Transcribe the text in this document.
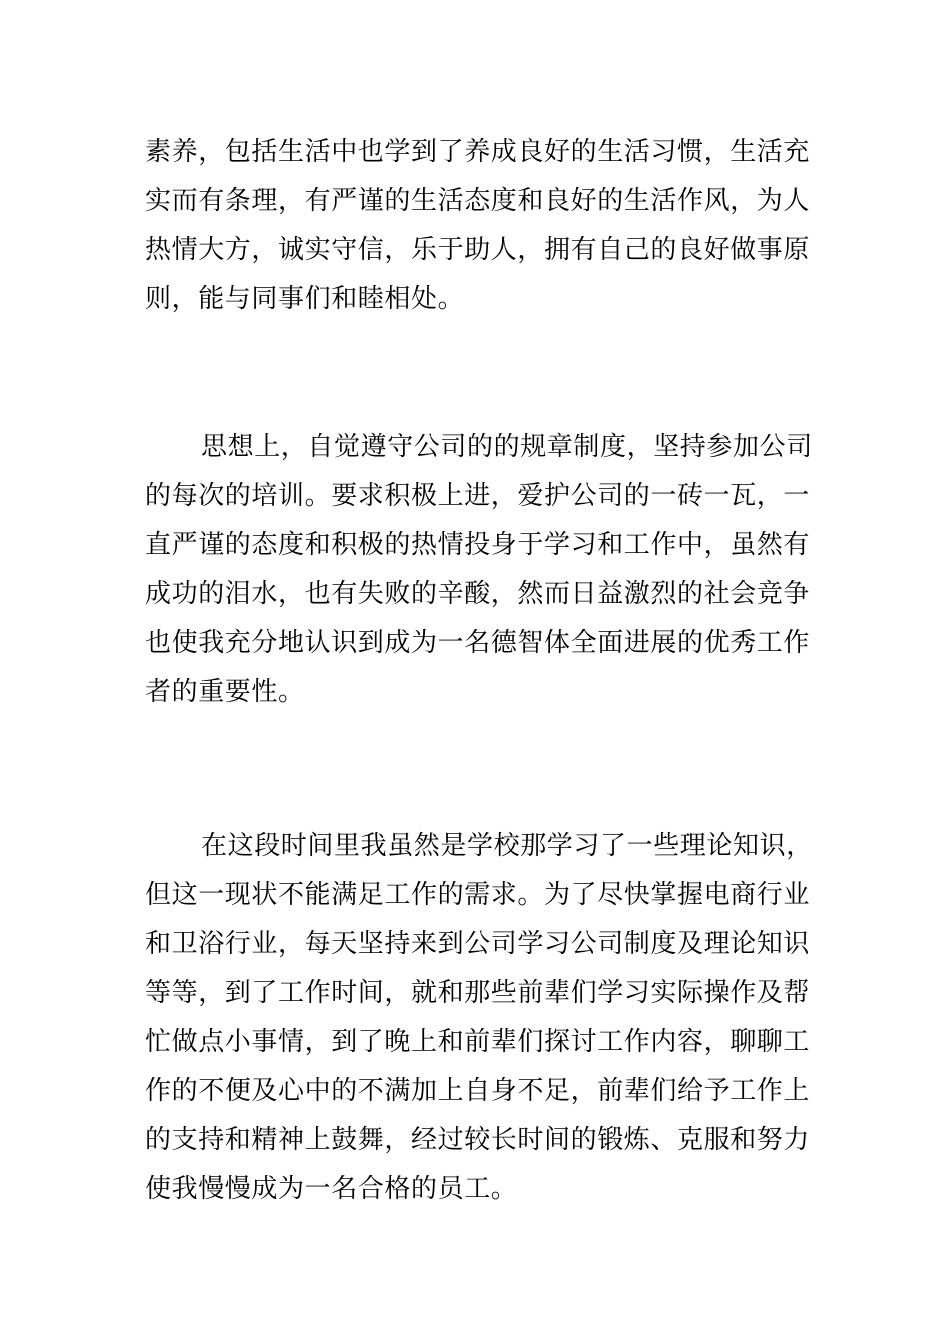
素养，包括生活中也学到了养成良好的生活习惯，生活充
实而有条理，有严谨的生活态度和良好的生活作风，为人
热情大方，诚实守信，乐于助人，拥有自己的良好做事原
则，能与同事们和睦相处。

思想上，自觉遵守公司的的规章制度，坚持参加公司
的每次的培训。要求积极上进，爱护公司的一砖一瓦，一
直严谨的态度和积极的热情投身于学习和工作中，虽然有
成功的泪水，也有失败的辛酸，然而日益激烈的社会竞争
也使我充分地认识到成为一名德智体全面进展的优秀工作
者的重要性。

在这段时间里我虽然是学校那学习了一些理论知识，
但这一现状不能满足工作的需求。为了尽快掌握电商行业
和卫浴行业，每天坚持来到公司学习公司制度及理论知识
等等，到了工作时间，就和那些前辈们学习实际操作及帮
忙做点小事情，到了晚上和前辈们探讨工作内容，聊聊工
作的不便及心中的不满加上自身不足，前辈们给予工作上
的支持和精神上鼓舞，经过较长时间的锻炼、克服和努力
使我慢慢成为一名合格的员工。
